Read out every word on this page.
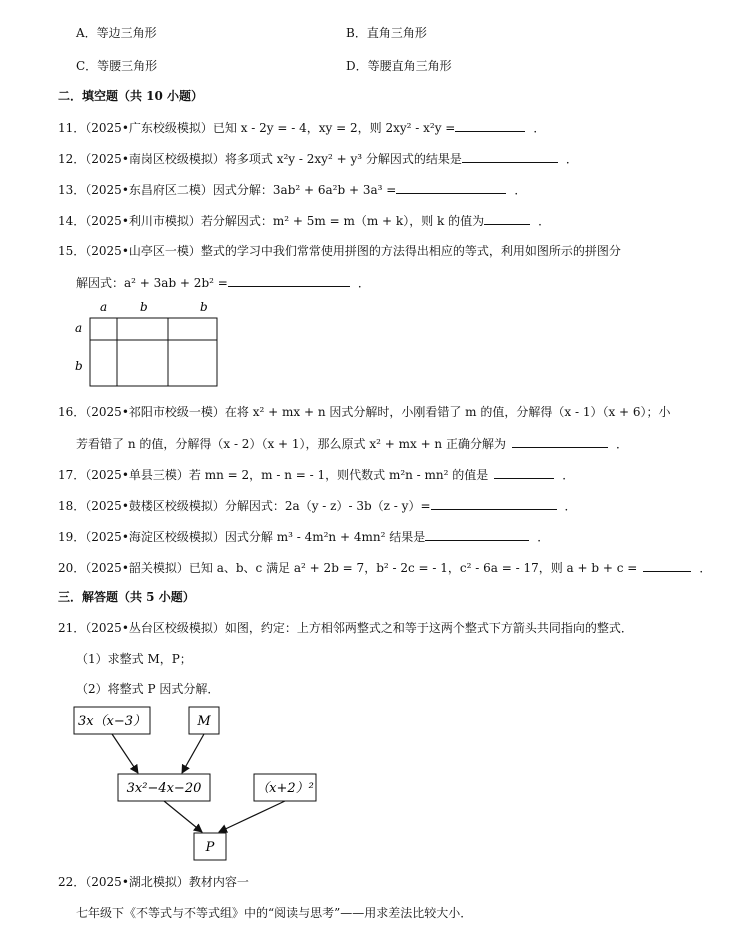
A．等边三角形	B．直角三角形
C．等腰三角形	D．等腰直角三角形
二．填空题（共 10 小题）
11．（2025•广东校级模拟）已知 x - 2y = - 4，xy = 2，则 2xy² - x²y =	．
12．（2025•南岗区校级模拟）将多项式 x²y - 2xy² + y³ 分解因式的结果是	．
13．（2025•东昌府区二模）因式分解：3ab² + 6a²b + 3a³ =	．
14．（2025•利川市模拟）若分解因式：m² + 5m = m（m + k），则 k 的值为	．
15．（2025•山亭区一模）整式的学习中我们常常使用拼图的方法得出相应的等式，利用如图所示的拼图分
解因式：a² + 3ab + 2b² =	．
a	b	b
a
b
16．（2025•祁阳市校级一模）在将 x² + mx + n 因式分解时，小刚看错了 m 的值，分解得（x - 1）（x + 6）；小
芳看错了 n 的值，分解得（x - 2）（x + 1），那么原式 x² + mx + n 正确分解为	．
17．（2025•单县三模）若 mn = 2，m - n = - 1，则代数式 m²n - mn² 的值是	．
18．（2025•鼓楼区校级模拟）分解因式：2a（y - z）- 3b（z - y）=	．
19．（2025•海淀区校级模拟）因式分解 m³ - 4m²n + 4mn² 结果是	．
20．（2025•韶关模拟）已知 a、b、c 满足 a² + 2b = 7，b² - 2c = - 1，c² - 6a = - 17，则 a + b + c =	．
三．解答题（共 5 小题）
21．（2025•丛台区校级模拟）如图，约定：上方相邻两整式之和等于这两个整式下方箭头共同指向的整式．
（1）求整式 M，P；
（2）将整式 P 因式分解．
3x（x−3）	M
3x²−4x−20	（x+2）²
P
22．（2025•湖北模拟）教材内容一
七年级下《不等式与不等式组》中的“阅读与思考”——用求差法比较大小．
